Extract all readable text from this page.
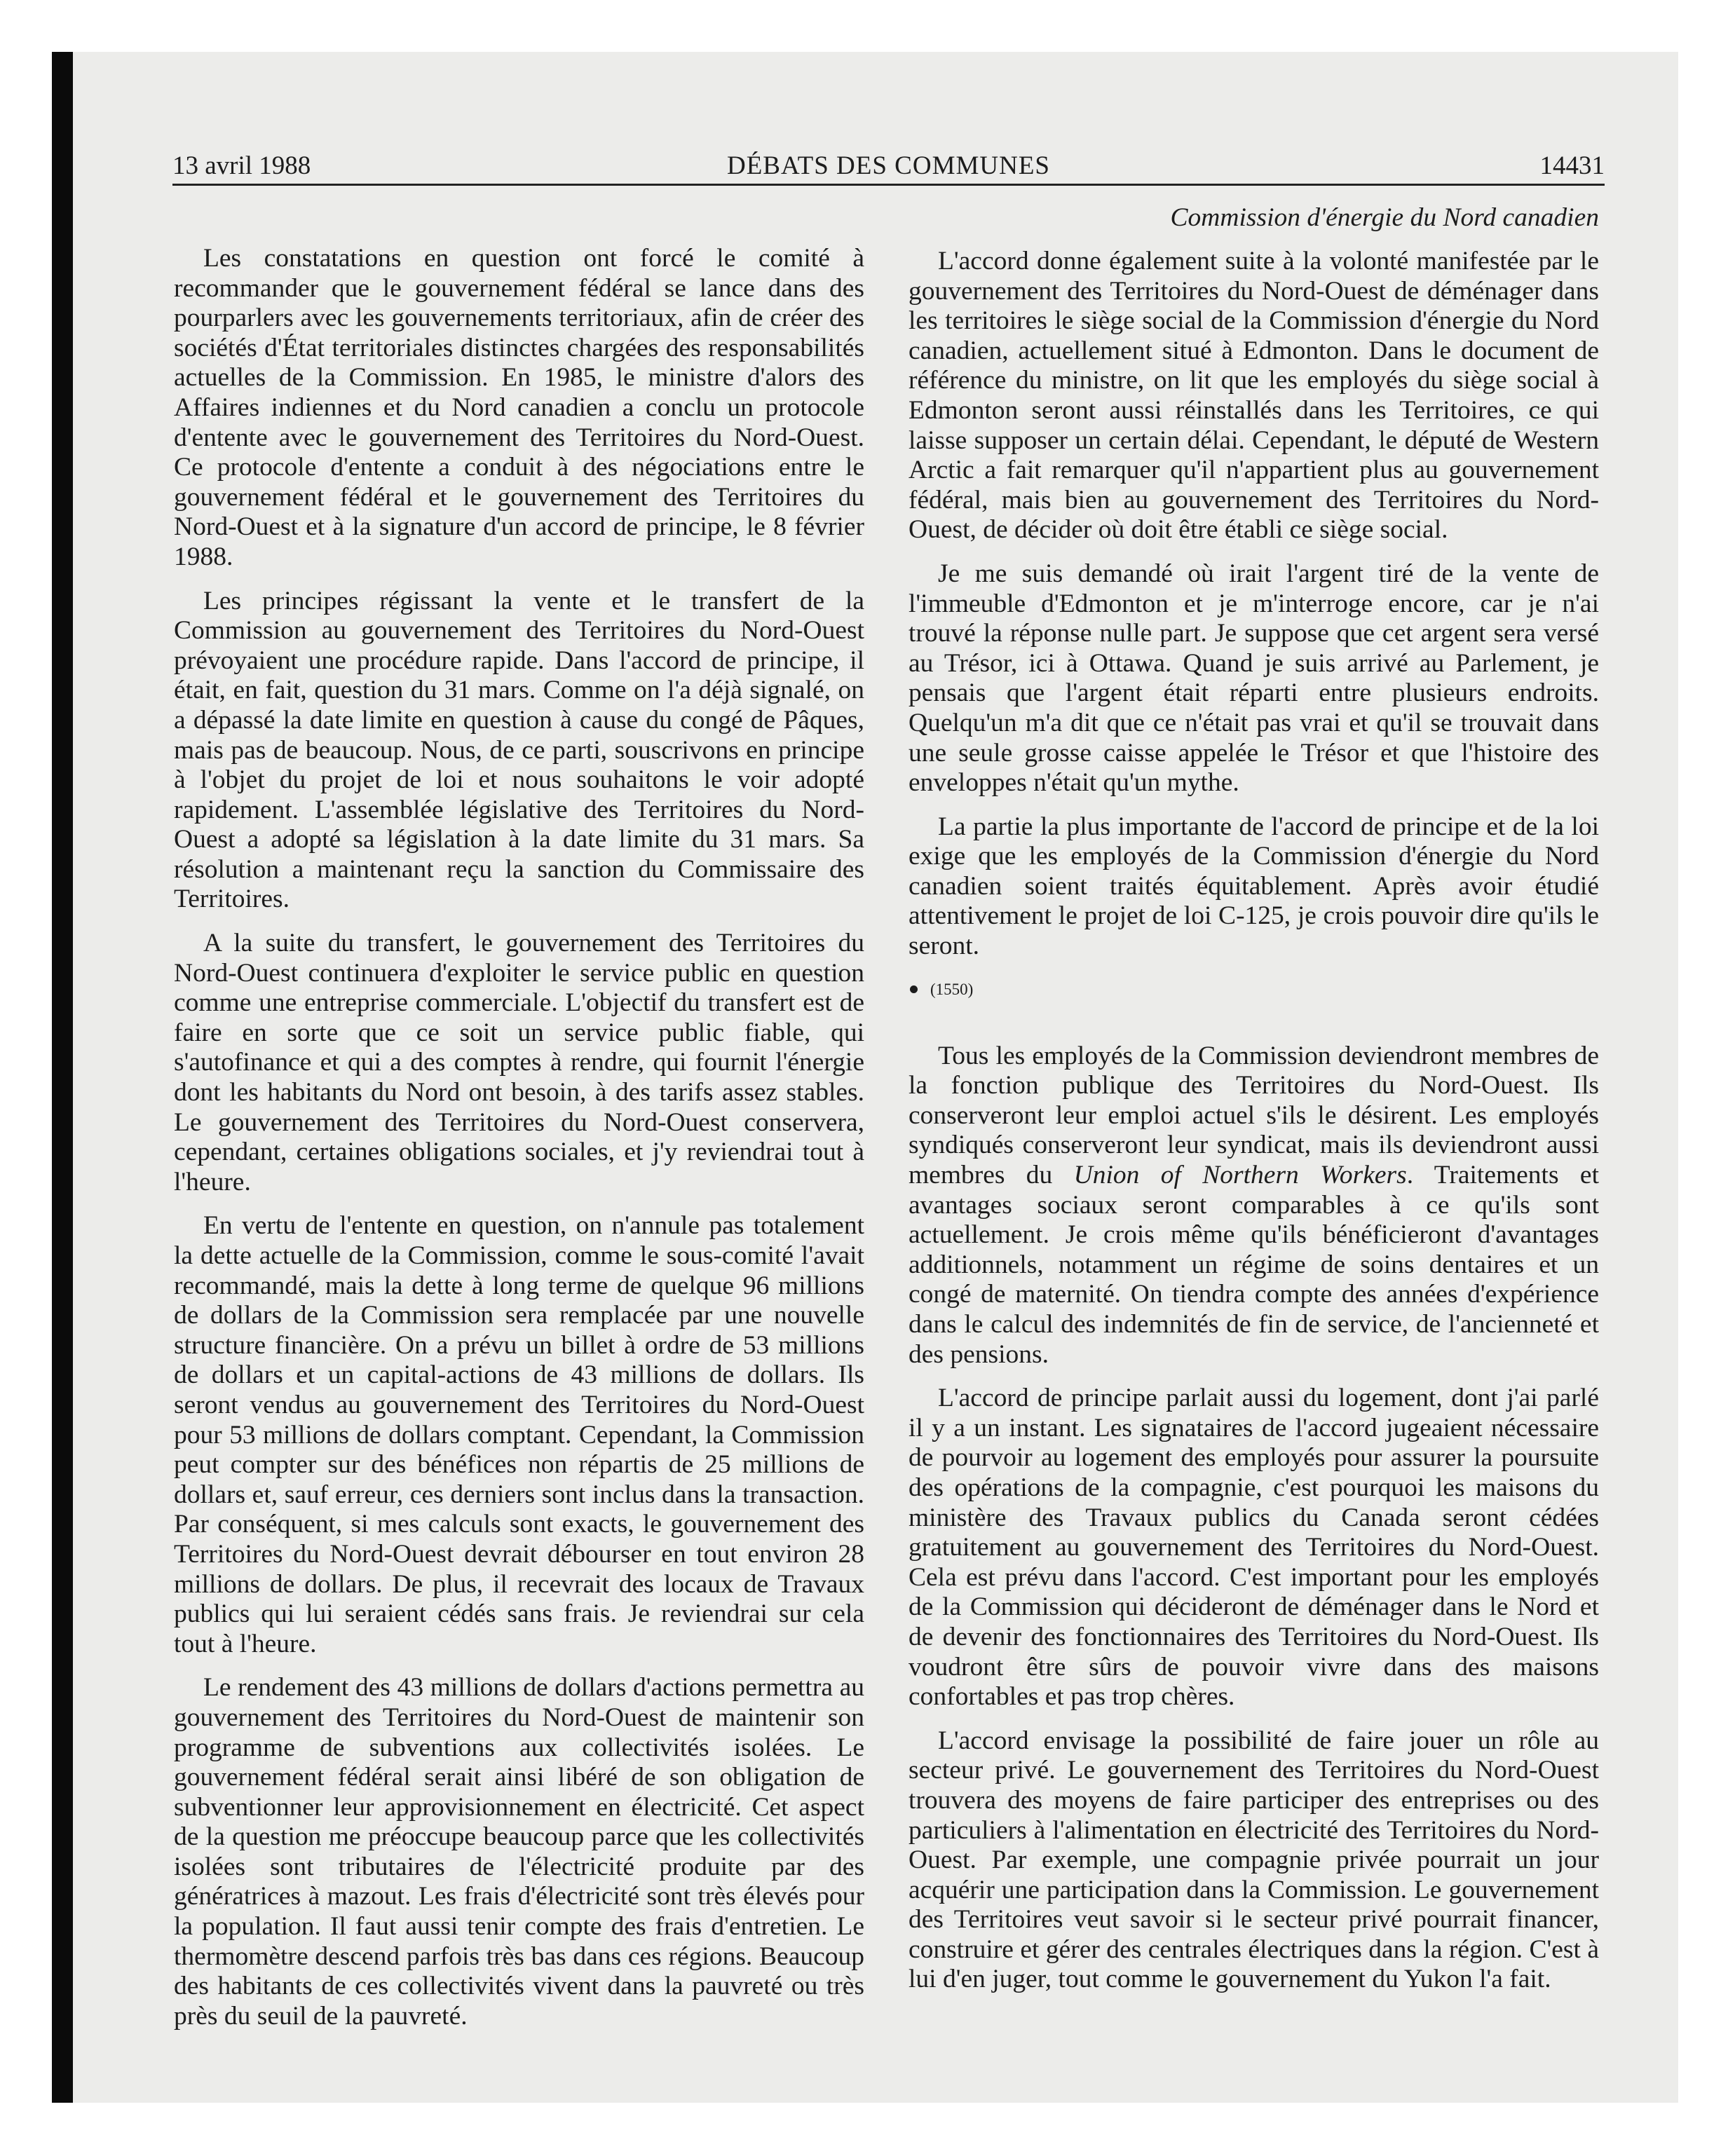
13 avril 1988	DÉBATS DES COMMUNES	14431

Les constatations en question ont forcé le comité à recommander que le gouvernement fédéral se lance dans des pourparlers avec les gouvernements territoriaux, afin de créer des sociétés d'État territoriales distinctes chargées des responsabilités actuelles de la Commission. En 1985, le ministre d'alors des Affaires indiennes et du Nord canadien a conclu un protocole d'entente avec le gouvernement des Territoires du Nord-Ouest. Ce protocole d'entente a conduit à des négociations entre le gouvernement fédéral et le gouvernement des Territoires du Nord-Ouest et à la signature d'un accord de principe, le 8 février 1988.

Les principes régissant la vente et le transfert de la Commission au gouvernement des Territoires du Nord-Ouest prévoyaient une procédure rapide. Dans l'accord de principe, il était, en fait, question du 31 mars. Comme on l'a déjà signalé, on a dépassé la date limite en question à cause du congé de Pâques, mais pas de beaucoup. Nous, de ce parti, souscrivons en principe à l'objet du projet de loi et nous souhaitons le voir adopté rapidement. L'assemblée législative des Territoires du Nord-Ouest a adopté sa législation à la date limite du 31 mars. Sa résolution a maintenant reçu la sanction du Commissaire des Territoires.

A la suite du transfert, le gouvernement des Territoires du Nord-Ouest continuera d'exploiter le service public en question comme une entreprise commerciale. L'objectif du transfert est de faire en sorte que ce soit un service public fiable, qui s'autofinance et qui a des comptes à rendre, qui fournit l'énergie dont les habitants du Nord ont besoin, à des tarifs assez stables. Le gouvernement des Territoires du Nord-Ouest conservera, cependant, certaines obligations sociales, et j'y reviendrai tout à l'heure.

En vertu de l'entente en question, on n'annule pas totalement la dette actuelle de la Commission, comme le sous-comité l'avait recommandé, mais la dette à long terme de quelque 96 millions de dollars de la Commission sera remplacée par une nouvelle structure financière. On a prévu un billet à ordre de 53 millions de dollars et un capital-actions de 43 millions de dollars. Ils seront vendus au gouvernement des Territoires du Nord-Ouest pour 53 millions de dollars comptant. Cependant, la Commission peut compter sur des bénéfices non répartis de 25 millions de dollars et, sauf erreur, ces derniers sont inclus dans la transaction. Par conséquent, si mes calculs sont exacts, le gouvernement des Territoires du Nord-Ouest devrait débourser en tout environ 28 millions de dollars. De plus, il recevrait des locaux de Travaux publics qui lui seraient cédés sans frais. Je reviendrai sur cela tout à l'heure.

Le rendement des 43 millions de dollars d'actions permettra au gouvernement des Territoires du Nord-Ouest de maintenir son programme de subventions aux collectivités isolées. Le gouvernement fédéral serait ainsi libéré de son obligation de subventionner leur approvisionnement en électricité. Cet aspect de la question me préoccupe beaucoup parce que les collectivités isolées sont tributaires de l'électricité produite par des génératrices à mazout. Les frais d'électricité sont très élevés pour la population. Il faut aussi tenir compte des frais d'entretien. Le thermomètre descend parfois très bas dans ces régions. Beaucoup des habitants de ces collectivités vivent dans la pauvreté ou très près du seuil de la pauvreté.

Commission d'énergie du Nord canadien

L'accord donne également suite à la volonté manifestée par le gouvernement des Territoires du Nord-Ouest de déménager dans les territoires le siège social de la Commission d'énergie du Nord canadien, actuellement situé à Edmonton. Dans le document de référence du ministre, on lit que les employés du siège social à Edmonton seront aussi réinstallés dans les Territoires, ce qui laisse supposer un certain délai. Cependant, le député de Western Arctic a fait remarquer qu'il n'appartient plus au gouvernement fédéral, mais bien au gouvernement des Territoires du Nord-Ouest, de décider où doit être établi ce siège social.

Je me suis demandé où irait l'argent tiré de la vente de l'immeuble d'Edmonton et je m'interroge encore, car je n'ai trouvé la réponse nulle part. Je suppose que cet argent sera versé au Trésor, ici à Ottawa. Quand je suis arrivé au Parlement, je pensais que l'argent était réparti entre plusieurs endroits. Quelqu'un m'a dit que ce n'était pas vrai et qu'il se trouvait dans une seule grosse caisse appelée le Trésor et que l'histoire des enveloppes n'était qu'un mythe.

La partie la plus importante de l'accord de principe et de la loi exige que les employés de la Commission d'énergie du Nord canadien soient traités équitablement. Après avoir étudié attentivement le projet de loi C-125, je crois pouvoir dire qu'ils le seront.

(1550)

Tous les employés de la Commission deviendront membres de la fonction publique des Territoires du Nord-Ouest. Ils conserveront leur emploi actuel s'ils le désirent. Les employés syndiqués conserveront leur syndicat, mais ils deviendront aussi membres du Union of Northern Workers. Traitements et avantages sociaux seront comparables à ce qu'ils sont actuellement. Je crois même qu'ils bénéficieront d'avantages additionnels, notamment un régime de soins dentaires et un congé de maternité. On tiendra compte des années d'expérience dans le calcul des indemnités de fin de service, de l'ancienneté et des pensions.

L'accord de principe parlait aussi du logement, dont j'ai parlé il y a un instant. Les signataires de l'accord jugeaient nécessaire de pourvoir au logement des employés pour assurer la poursuite des opérations de la compagnie, c'est pourquoi les maisons du ministère des Travaux publics du Canada seront cédées gratuitement au gouvernement des Territoires du Nord-Ouest. Cela est prévu dans l'accord. C'est important pour les employés de la Commission qui décideront de déménager dans le Nord et de devenir des fonctionnaires des Territoires du Nord-Ouest. Ils voudront être sûrs de pouvoir vivre dans des maisons confortables et pas trop chères.

L'accord envisage la possibilité de faire jouer un rôle au secteur privé. Le gouvernement des Territoires du Nord-Ouest trouvera des moyens de faire participer des entreprises ou des particuliers à l'alimentation en électricité des Territoires du Nord-Ouest. Par exemple, une compagnie privée pourrait un jour acquérir une participation dans la Commission. Le gouvernement des Territoires veut savoir si le secteur privé pourrait financer, construire et gérer des centrales électriques dans la région. C'est à lui d'en juger, tout comme le gouvernement du Yukon l'a fait.
